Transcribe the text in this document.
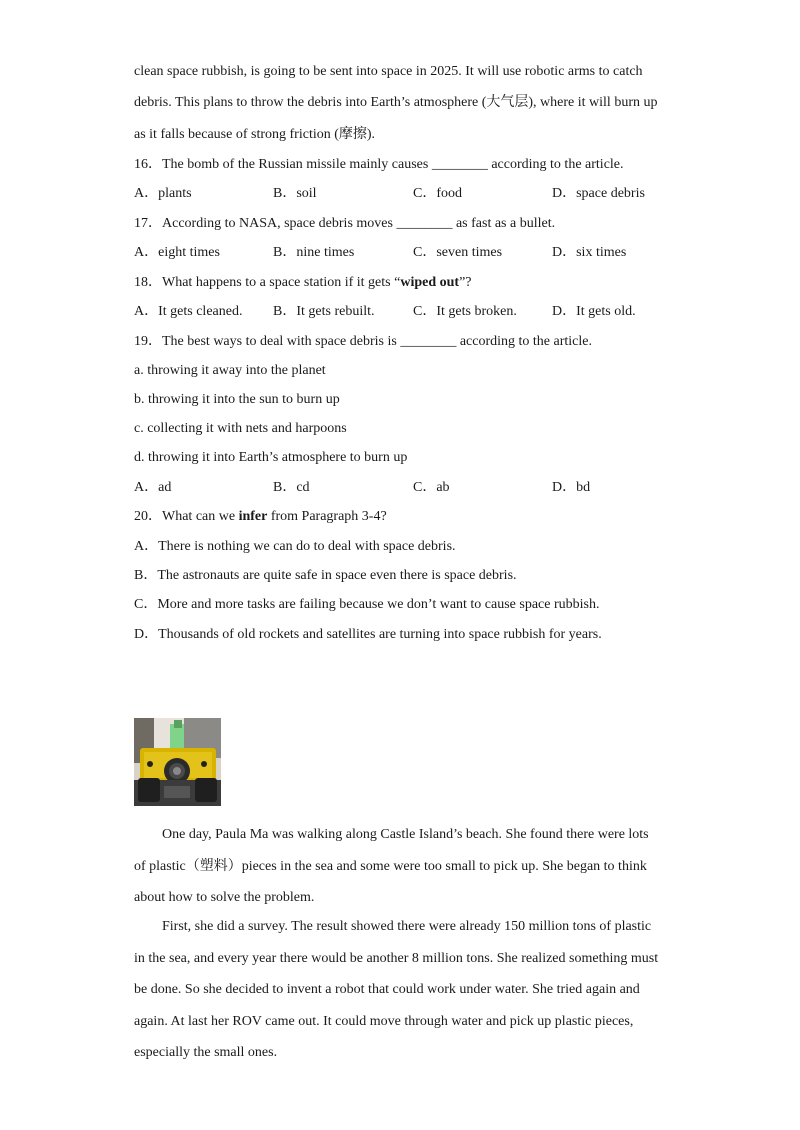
clean space rubbish, is going to be sent into space in 2025. It will use robotic arms to catch
debris. This plans to throw the debris into Earth’s atmosphere (大气层), where it will burn up
as it falls because of strong friction (摩擦).
16．The bomb of the Russian missile mainly causes ________ according to the article.
A．plants	B．soil	C．food	D．space debris
17．According to NASA, space debris moves ________ as fast as a bullet.
A．eight times	B．nine times	C．seven times	D．six times
18．What happens to a space station if it gets “wiped out”?
A．It gets cleaned. B．It gets rebuilt.	C．It gets broken.	D．It gets old.
19．The best ways to deal with space debris is ________ according to the article.
a. throwing it away into the planet
b. throwing it into the sun to burn up
c. collecting it with nets and harpoons
d. throwing it into Earth’s atmosphere to burn up
A．ad	B．cd	C．ab	D．bd
20．What can we infer from Paragraph 3-4?
A．There is nothing we can do to deal with space debris.
B．The astronauts are quite safe in space even there is space debris.
C．More and more tasks are failing because we don’t want to cause space rubbish.
D．Thousands of old rockets and satellites are turning into space rubbish for years.
One day, Paula Ma was walking along Castle Island’s beach. She found there were lots
of plastic（塑料）pieces in the sea and some were too small to pick up. She began to think
about how to solve the problem.
First, she did a survey. The result showed there were already 150 million tons of plastic
in the sea, and every year there would be another 8 million tons. She realized something must
be done. So she decided to invent a robot that could work under water. She tried again and
again. At last her ROV came out. It could move through water and pick up plastic pieces,
especially the small ones.
